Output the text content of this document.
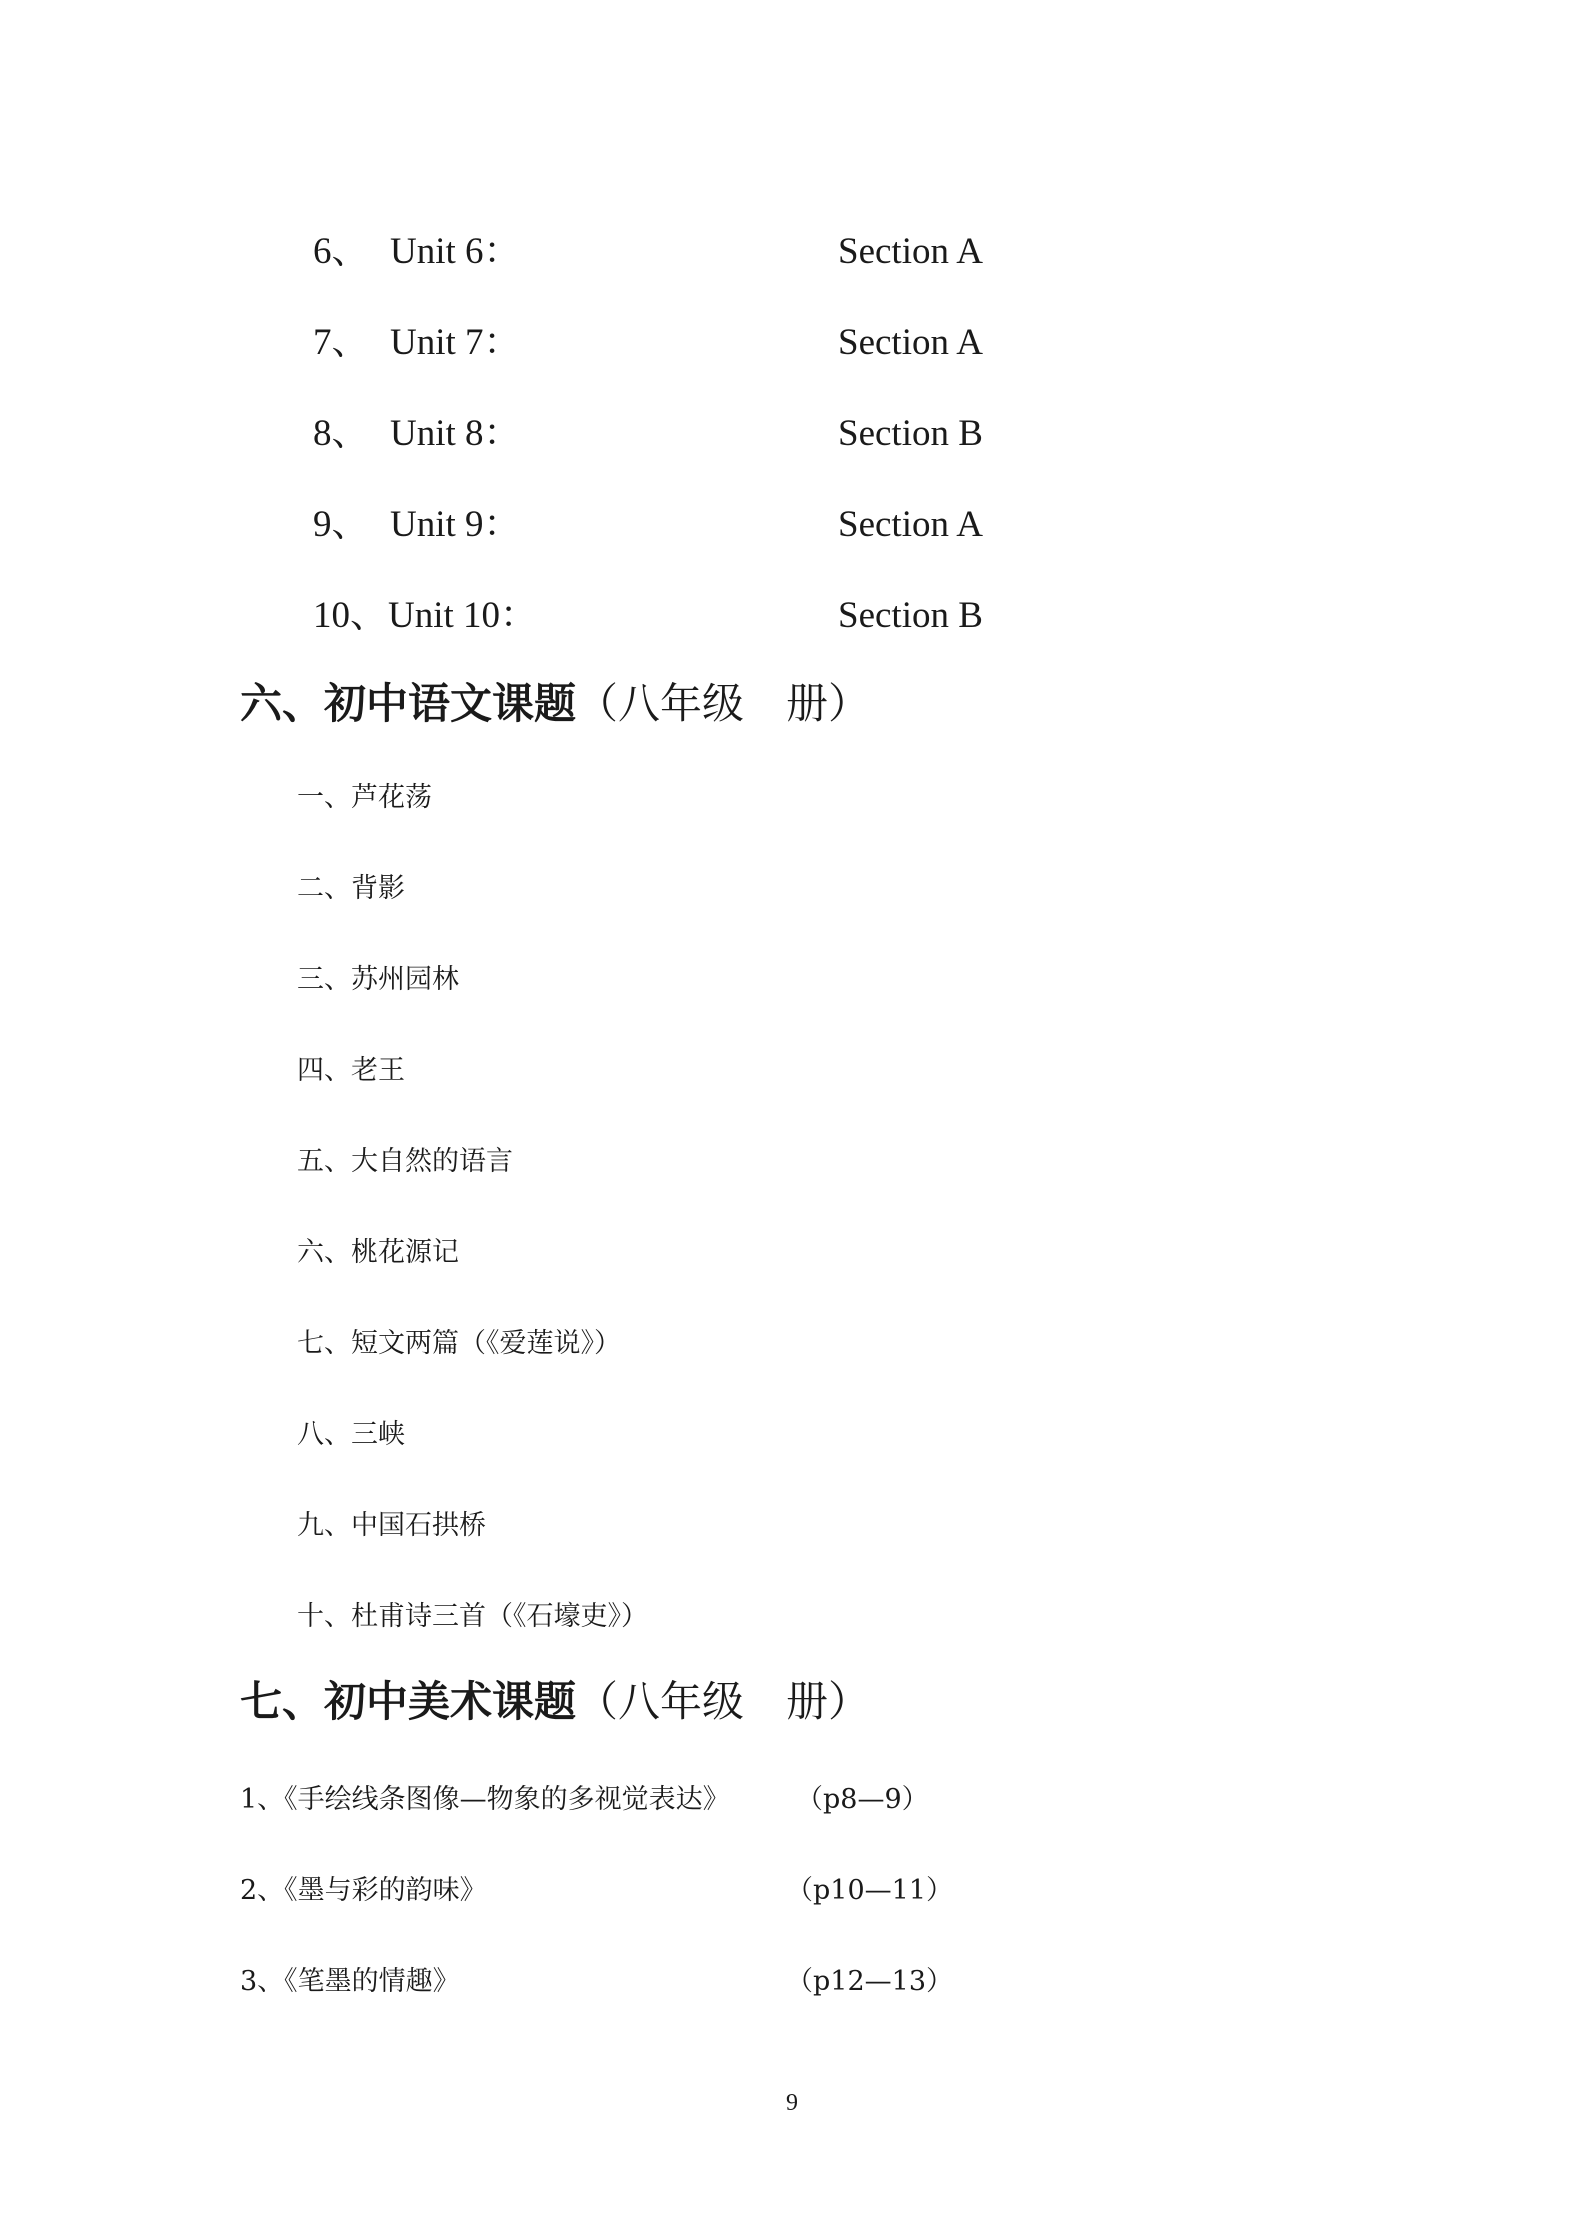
6、 Unit 6：	Section A
7、 Unit 7：	Section A
8、 Unit 8：	Section B
9、 Unit 9：	Section A
10、 Unit 10：	Section B
六、初中语文课题（八年级 册）
一、芦花荡
二、背影
三、苏州园林
四、老王
五、大自然的语言
六、桃花源记
七、短文两篇（《爱莲说》）
八、三峡
九、中国石拱桥
十、杜甫诗三首（《石壕吏》）
七、初中美术课题（八年级 册）
1、《手绘线条图像—物象的多视觉表达》 （p8—9）
2、《墨与彩的韵味》	（p10—11）
3、《笔墨的情趣》	（p12—13）
9
